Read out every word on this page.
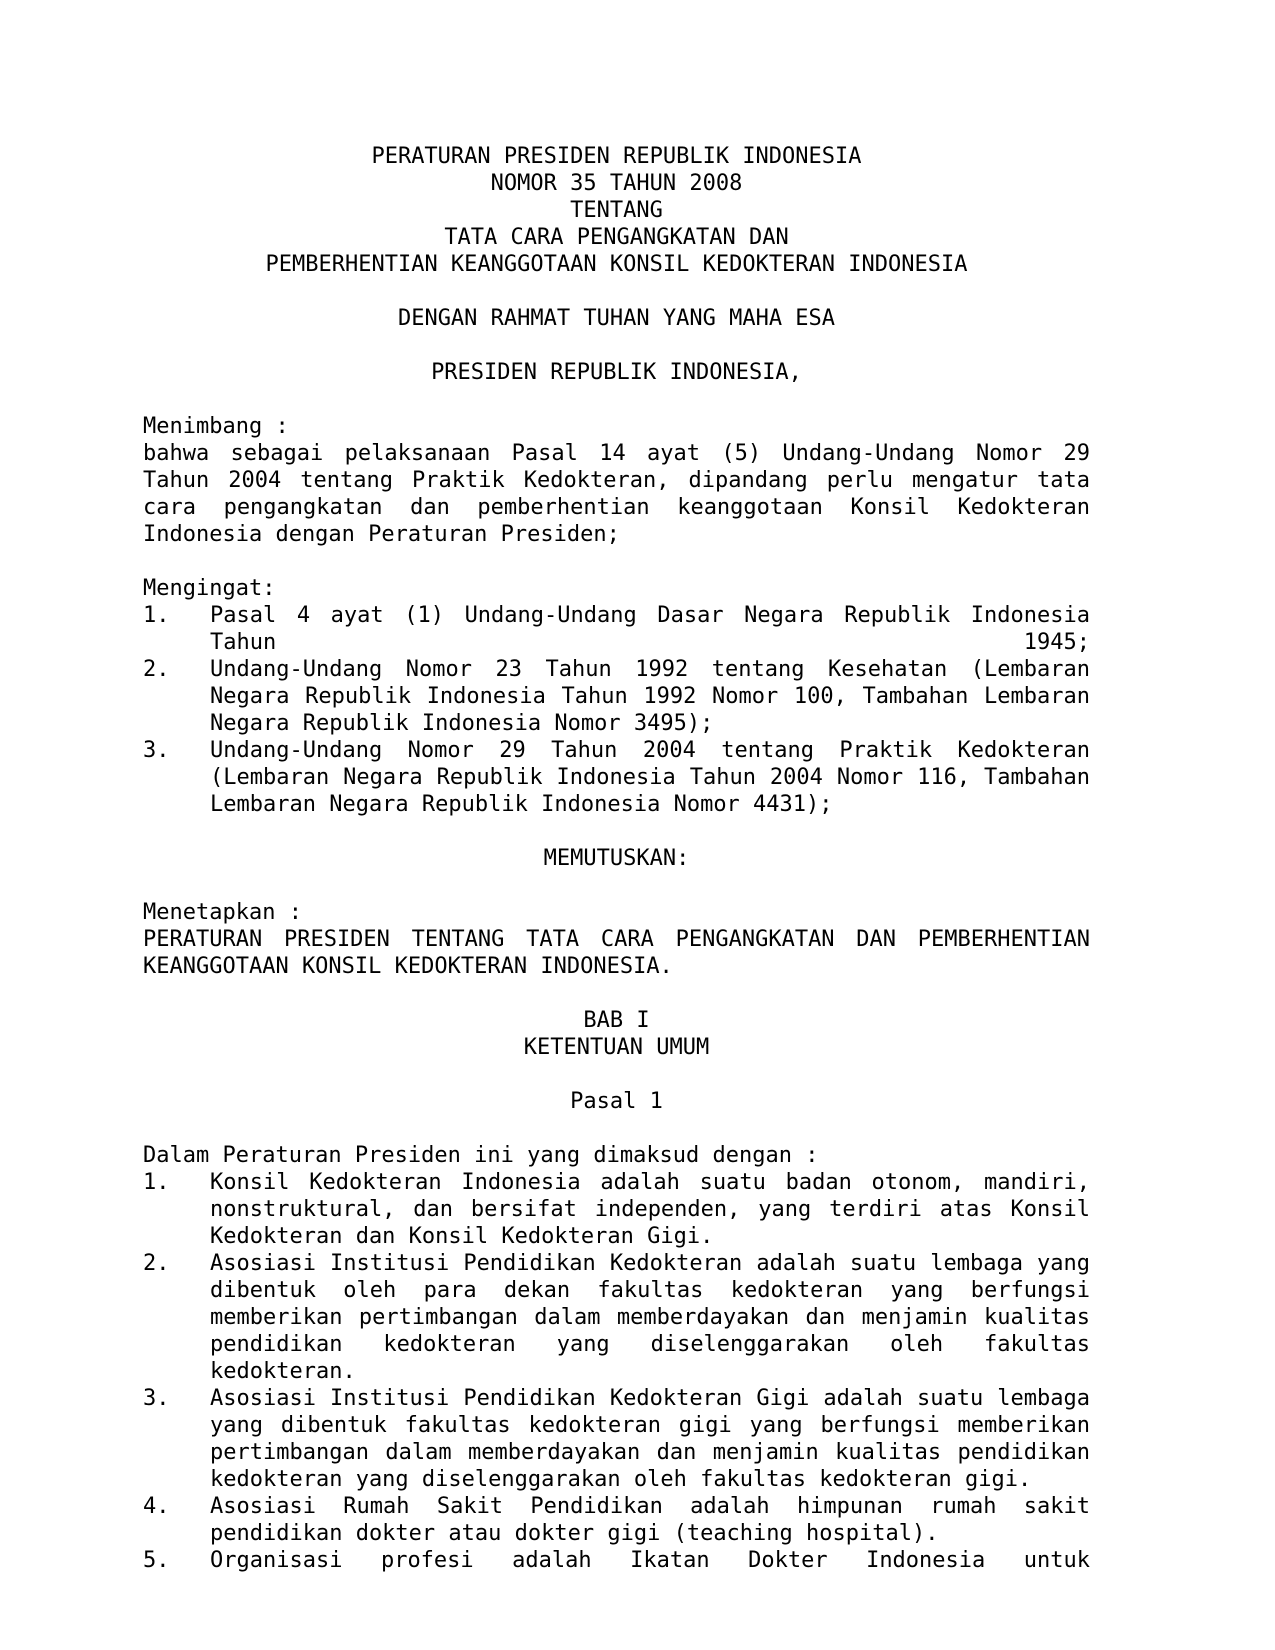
PERATURAN PRESIDEN REPUBLIK INDONESIA
NOMOR 35 TAHUN 2008
TENTANG
TATA CARA PENGANGKATAN DAN
PEMBERHENTIAN KEANGGOTAAN KONSIL KEDOKTERAN INDONESIA
DENGAN RAHMAT TUHAN YANG MAHA ESA
PRESIDEN REPUBLIK INDONESIA,
Menimbang :
bahwa sebagai pelaksanaan Pasal 14 ayat (5) Undang-Undang Nomor 29 Tahun 2004 tentang Praktik Kedokteran, dipandang perlu mengatur tata cara pengangkatan dan pemberhentian keanggotaan Konsil Kedokteran Indonesia dengan Peraturan Presiden;
Mengingat:
1.	Pasal 4 ayat (1) Undang-Undang Dasar Negara Republik Indonesia Tahun 1945;
2.	Undang-Undang Nomor 23 Tahun 1992 tentang Kesehatan (Lembaran Negara Republik Indonesia Tahun 1992 Nomor 100, Tambahan Lembaran Negara Republik Indonesia Nomor 3495);
3.	Undang-Undang Nomor 29 Tahun 2004 tentang Praktik Kedokteran (Lembaran Negara Republik Indonesia Tahun 2004 Nomor 116, Tambahan Lembaran Negara Republik Indonesia Nomor 4431);
MEMUTUSKAN:
Menetapkan :
PERATURAN PRESIDEN TENTANG TATA CARA PENGANGKATAN DAN PEMBERHENTIAN KEANGGOTAAN KONSIL KEDOKTERAN INDONESIA.
BAB I
KETENTUAN UMUM
Pasal 1
Dalam Peraturan Presiden ini yang dimaksud dengan :
1.	Konsil Kedokteran Indonesia adalah suatu badan otonom, mandiri, nonstruktural, dan bersifat independen, yang terdiri atas Konsil Kedokteran dan Konsil Kedokteran Gigi.
2.	Asosiasi Institusi Pendidikan Kedokteran adalah suatu lembaga yang dibentuk oleh para dekan fakultas kedokteran yang berfungsi memberikan pertimbangan dalam memberdayakan dan menjamin kualitas pendidikan kedokteran yang diselenggarakan oleh fakultas kedokteran.
3.	Asosiasi Institusi Pendidikan Kedokteran Gigi adalah suatu lembaga yang dibentuk fakultas kedokteran gigi yang berfungsi memberikan pertimbangan dalam memberdayakan dan menjamin kualitas pendidikan kedokteran yang diselenggarakan oleh fakultas kedokteran gigi.
4.	Asosiasi Rumah Sakit Pendidikan adalah himpunan rumah sakit pendidikan dokter atau dokter gigi (teaching hospital).
5.	Organisasi profesi adalah Ikatan Dokter Indonesia untuk
